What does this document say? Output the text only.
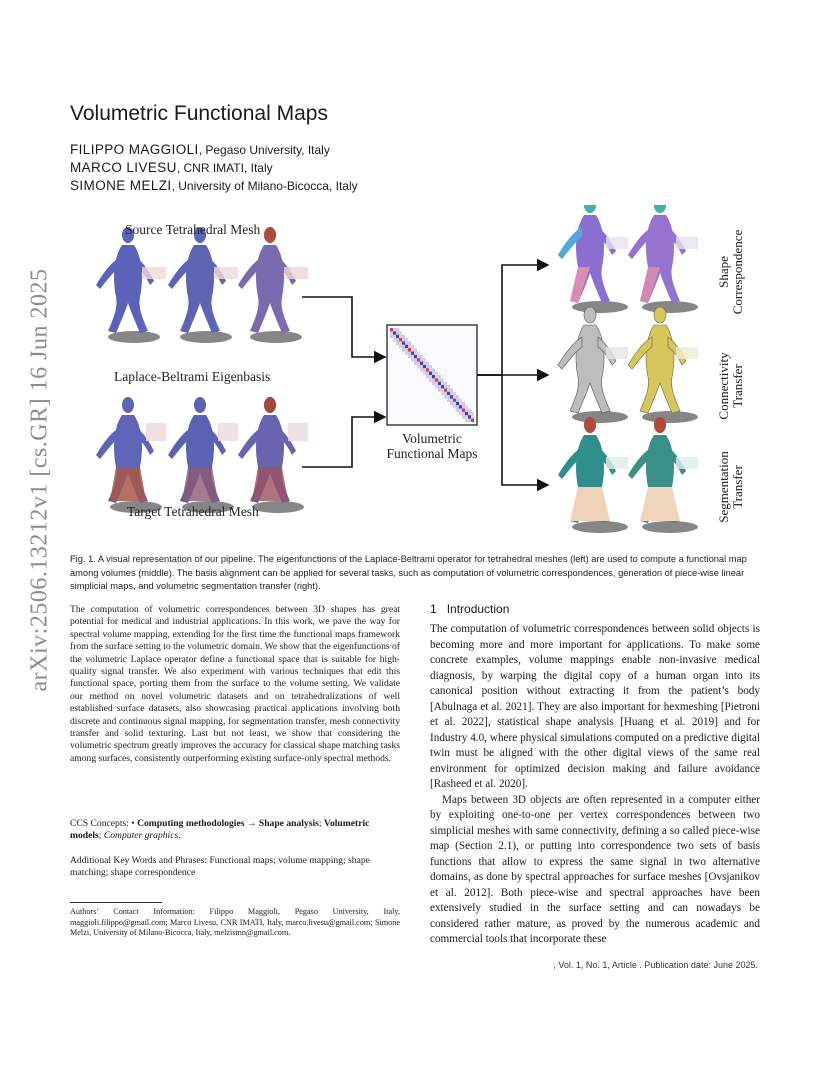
arXiv:2506.13212v1 [cs.GR] 16 Jun 2025
Volumetric Functional Maps
FILIPPO MAGGIOLI, Pegaso University, Italy
MARCO LIVESU, CNR IMATI, Italy
SIMONE MELZI, University of Milano-Bicocca, Italy
Source Tetrahedral Mesh
Laplace-Beltrami Eigenbasis
Target Tetrahedral Mesh
Volumetric
Functional Maps
Shape Correspondence
Connectivity Transfer
Segmentation Transfer
Fig. 1. A visual representation of our pipeline. The eigenfunctions of the Laplace-Beltrami operator for tetrahedral meshes (left) are used to compute a functional map among volumes (middle). The basis alignment can be applied for several tasks, such as computation of volumetric correspondences, generation of piece-wise linear simplicial maps, and volumetric segmentation transfer (right).

The computation of volumetric correspondences between 3D shapes has great potential for medical and industrial applications. In this work, we pave the way for spectral volume mapping, extending for the first time the functional maps framework from the surface setting to the volumetric domain. We show that the eigenfunctions of the volumetric Laplace operator define a functional space that is suitable for high-quality signal transfer. We also experiment with various techniques that edit this functional space, porting them from the surface to the volume setting. We validate our method on novel volumetric datasets and on tetrahedralizations of well established surface datasets, also showcasing practical applications involving both discrete and continuous signal mapping, for segmentation transfer, mesh connectivity transfer and solid texturing. Last but not least, we show that considering the volumetric spectrum greatly improves the accuracy for classical shape matching tasks among surfaces, consistently outperforming existing surface-only spectral methods.

CCS Concepts: • Computing methodologies → Shape analysis; Volumetric models; Computer graphics.
Additional Key Words and Phrases: Functional maps; volume mapping; shape matching; shape correspondence
Authors’ Contact Information: Filippo Maggioli, Pegaso University, Italy, maggioli.filippo@gmail.com; Marco Livesu, CNR IMATI, Italy, marco.livesu@gmail.com; Simone Melzi, University of Milano-Bicocca, Italy, melzismn@gmail.com.
1 Introduction

The computation of volumetric correspondences between solid objects is becoming more and more important for applications. To make some concrete examples, volume mappings enable non-invasive medical diagnosis, by warping the digital copy of a human organ into its canonical position without extracting it from the patient’s body [Abulnaga et al. 2021]. They are also important for hexmeshing [Pietroni et al. 2022], statistical shape analysis [Huang et al. 2019] and for Industry 4.0, where physical simulations computed on a predictive digital twin must be aligned with the other digital views of the same real environment for optimized decision making and failure avoidance [Rasheed et al. 2020].

Maps between 3D objects are often represented in a computer either by exploiting one-to-one per vertex correspondences between two simplicial meshes with same connectivity, defining a so called piece-wise map (Section 2.1), or putting into correspondence two sets of basis functions that allow to express the same signal in two alternative domains, as done by spectral approaches for surface meshes [Ovsjanikov et al. 2012]. Both piece-wise and spectral approaches have been extensively studied in the surface setting and can nowadays be considered rather mature, as proved by the numerous academic and commercial tools that incorporate these

, Vol. 1, No. 1, Article . Publication date: June 2025.
